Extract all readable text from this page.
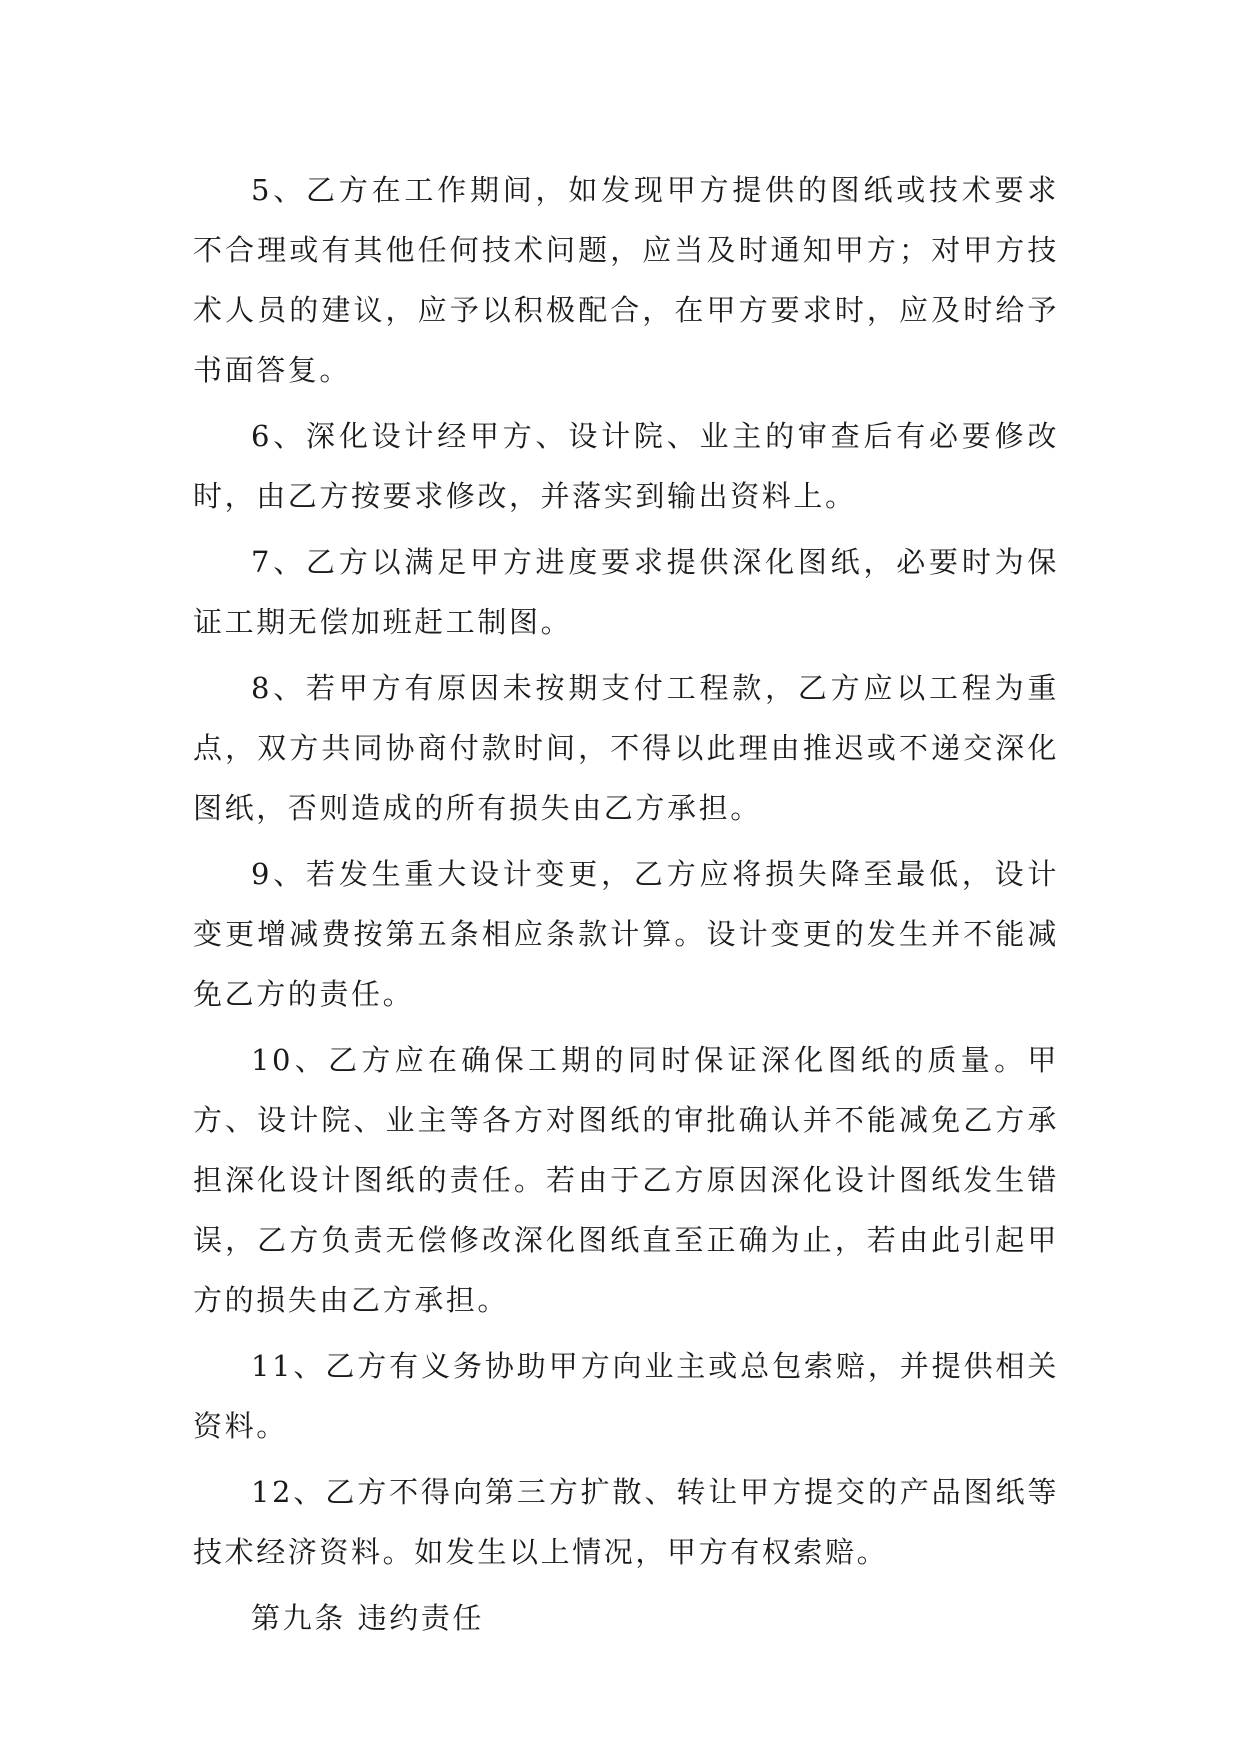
5、乙方在工作期间，如发现甲方提供的图纸或技术要求不合理或有其他任何技术问题，应当及时通知甲方；对甲方技术人员的建议，应予以积极配合，在甲方要求时，应及时给予书面答复。

6、深化设计经甲方、设计院、业主的审查后有必要修改时，由乙方按要求修改，并落实到输出资料上。

7、乙方以满足甲方进度要求提供深化图纸，必要时为保证工期无偿加班赶工制图。

8、若甲方有原因未按期支付工程款，乙方应以工程为重点，双方共同协商付款时间，不得以此理由推迟或不递交深化图纸，否则造成的所有损失由乙方承担。

9、若发生重大设计变更，乙方应将损失降至最低，设计变更增减费按第五条相应条款计算。设计变更的发生并不能减免乙方的责任。

10、乙方应在确保工期的同时保证深化图纸的质量。甲方、设计院、业主等各方对图纸的审批确认并不能减免乙方承担深化设计图纸的责任。若由于乙方原因深化设计图纸发生错误，乙方负责无偿修改深化图纸直至正确为止，若由此引起甲方的损失由乙方承担。

11、乙方有义务协助甲方向业主或总包索赔，并提供相关资料。

12、乙方不得向第三方扩散、转让甲方提交的产品图纸等技术经济资料。如发生以上情况，甲方有权索赔。

第九条 违约责任
